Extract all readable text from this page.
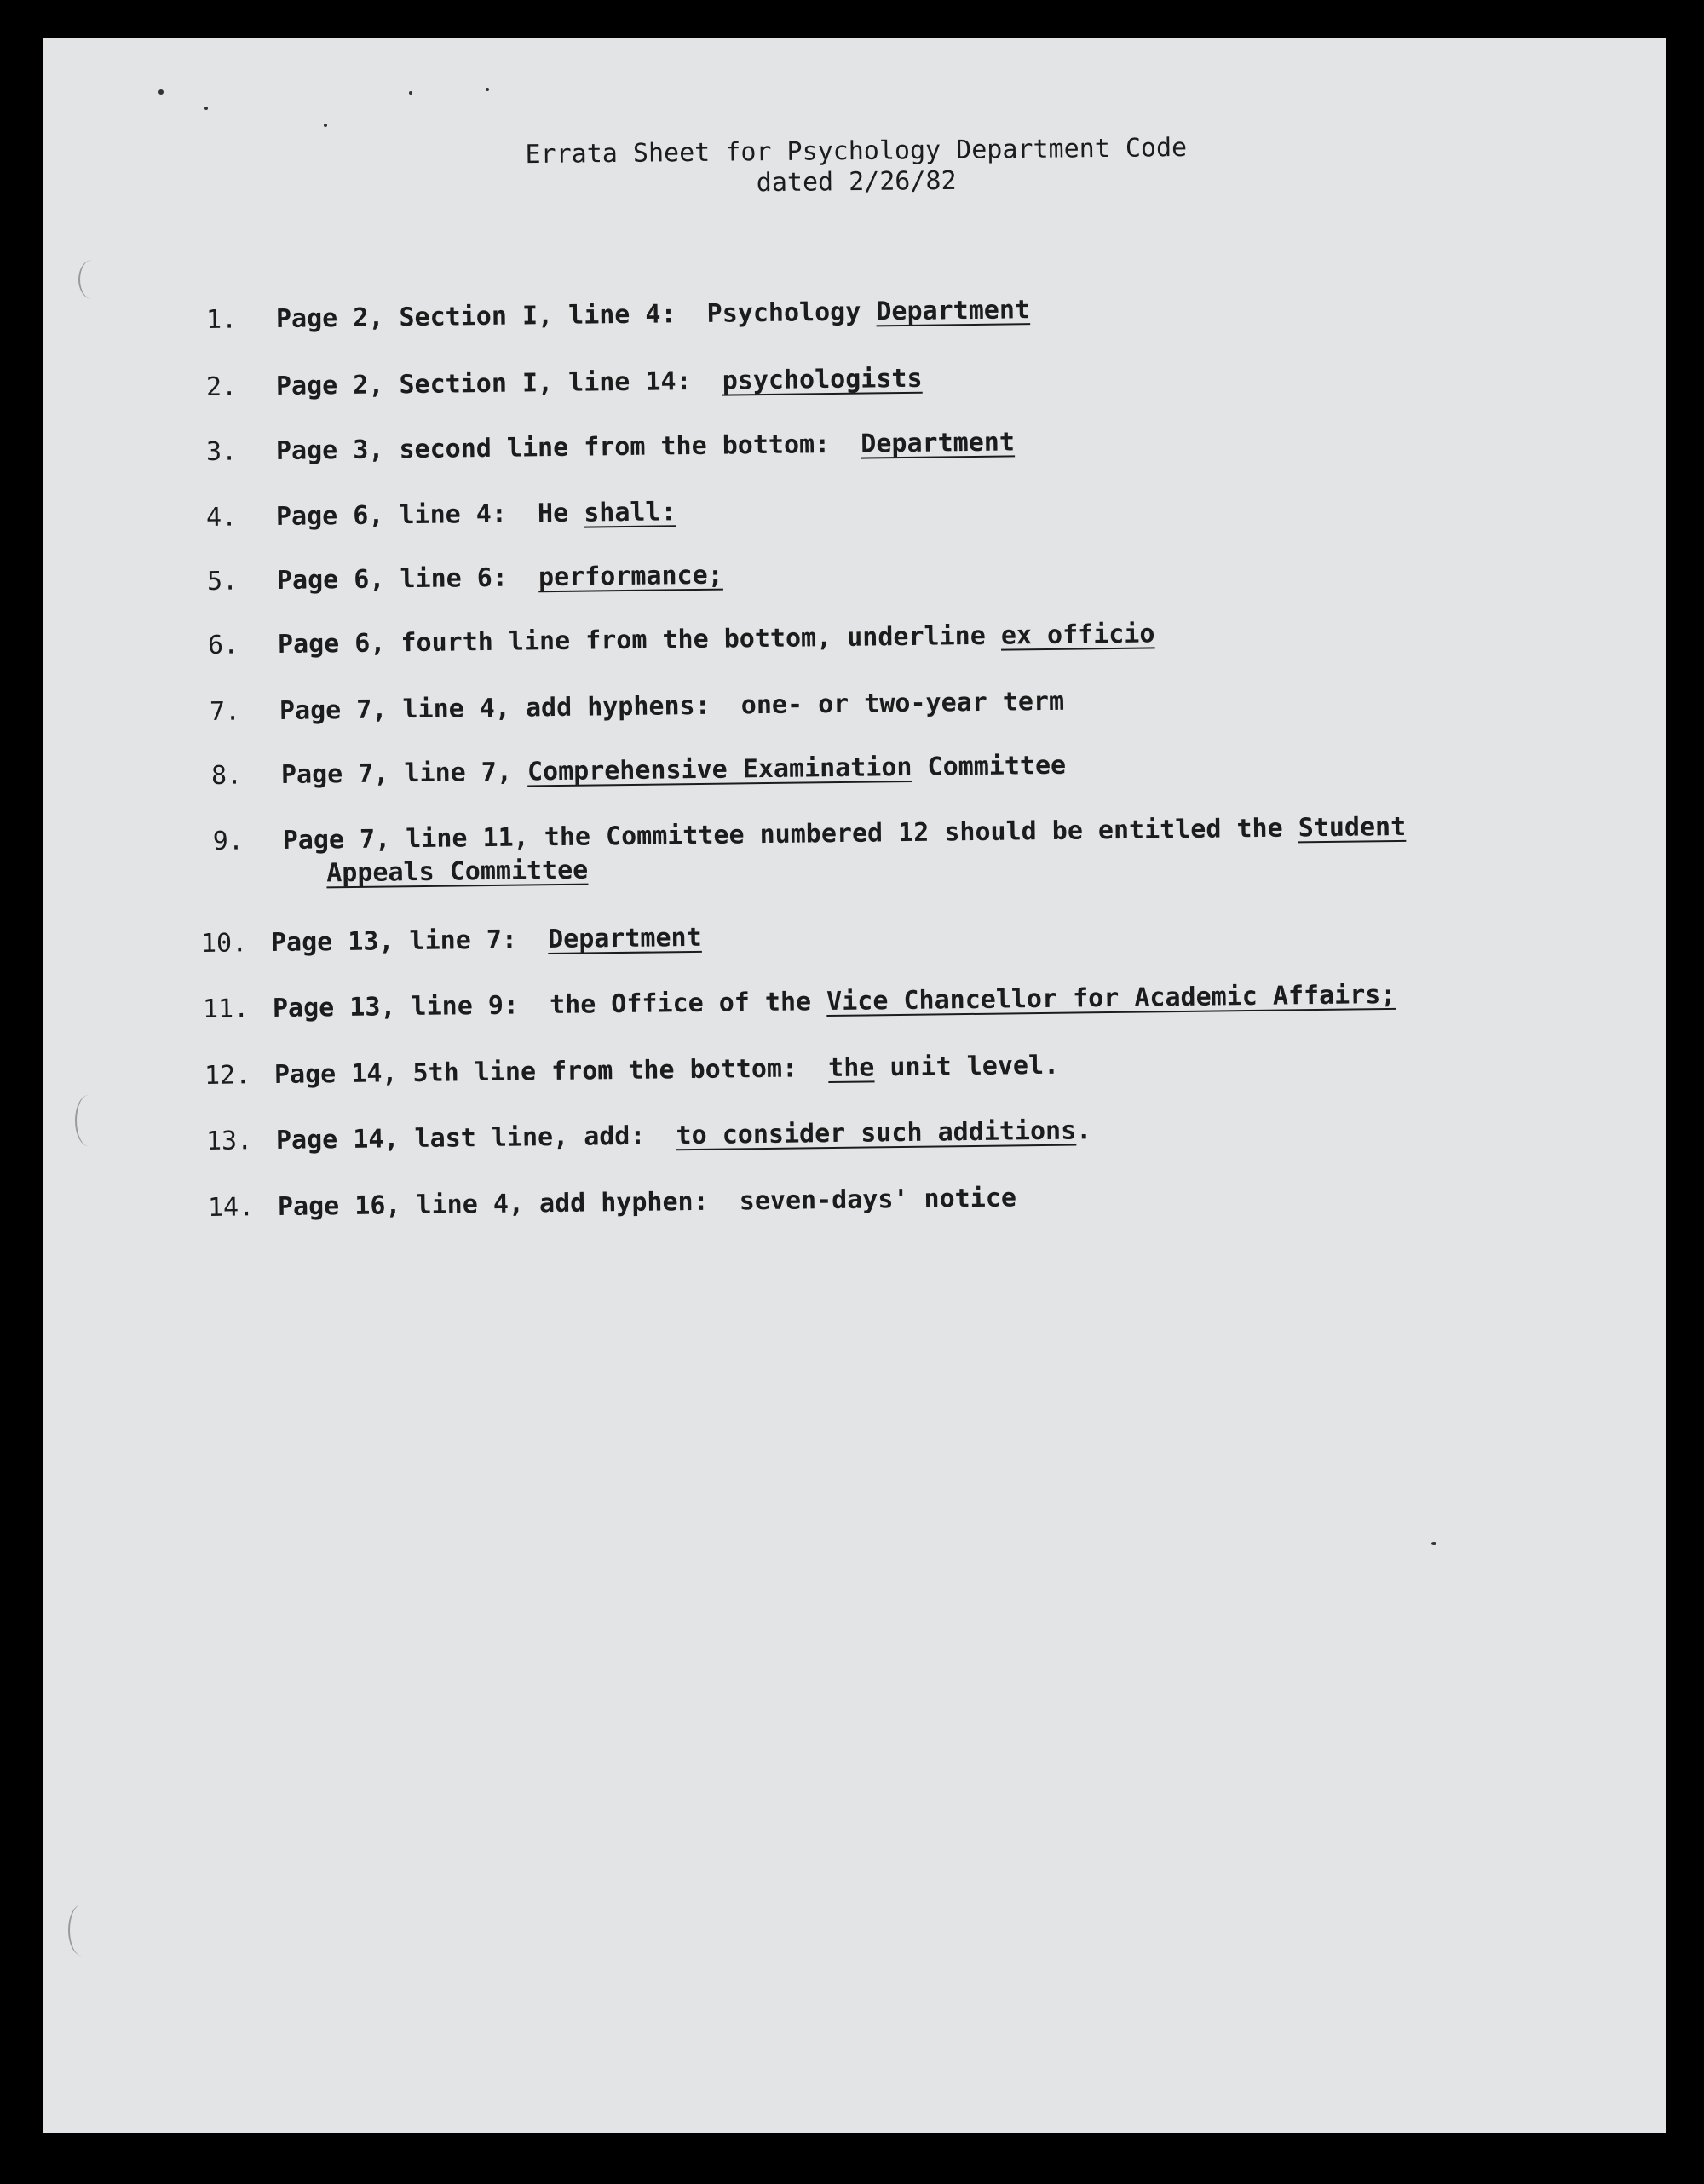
Errata Sheet for Psychology Department Code
dated 2/26/82
1. Page 2, Section I, line 4:  Psychology Department
2. Page 2, Section I, line 14:  psychologists
3. Page 3, second line from the bottom:  Department
4. Page 6, line 4:  He shall:
5. Page 6, line 6:  performance;
6. Page 6, fourth line from the bottom, underline ex officio
7. Page 7, line 4, add hyphens:  one- or two-year term
8. Page 7, line 7, Comprehensive Examination Committee
9. Page 7, line 11, the Committee numbered 12 should be entitled the Student
Appeals Committee
10. Page 13, line 7:  Department
11. Page 13, line 9:  the Office of the Vice Chancellor for Academic Affairs;
12. Page 14, 5th line from the bottom:  the unit level.
13. Page 14, last line, add:  to consider such additions.
14. Page 16, line 4, add hyphen:  seven-days' notice
